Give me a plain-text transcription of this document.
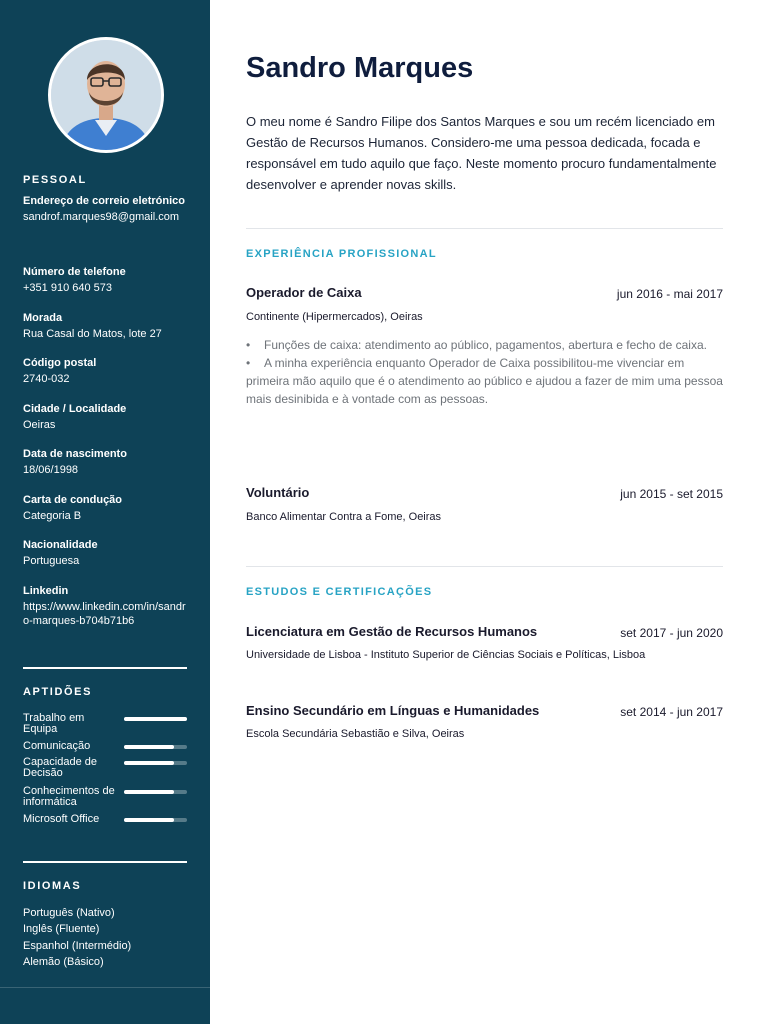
PESSOAL
Endereço de correio eletrónico
sandrof.marques98@gmail.com
Número de telefone
+351 910 640 573
Morada
Rua Casal do Matos, lote 27
Código postal
2740-032
Cidade / Localidade
Oeiras
Data de nascimento
18/06/1998
Carta de condução
Categoria B
Nacionalidade
Portuguesa
Linkedin
https://www.linkedin.com/in/sandro-marques-b704b71b6
APTIDÕES
Trabalho em Equipa
Comunicação
Capacidade de Decisão
Conhecimentos de informática
Microsoft Office
IDIOMAS
Português (Nativo)
Inglês (Fluente)
Espanhol (Intermédio)
Alemão (Básico)
Sandro Marques

O meu nome é Sandro Filipe dos Santos Marques e sou um recém licenciado em Gestão de Recursos Humanos. Considero-me uma pessoa dedicada, focada e responsável em tudo aquilo que faço. Neste momento procuro fundamentalmente desenvolver e aprender novas skills.

EXPERIÊNCIA PROFISSIONAL
Operador de Caixa	jun 2016 - mai 2017
Continente (Hipermercados), Oeiras
• Funções de caixa: atendimento ao público, pagamentos, abertura e fecho de caixa.
• A minha experiência enquanto Operador de Caixa possibilitou-me vivenciar em primeira mão aquilo que é o atendimento ao público e ajudou a fazer de mim uma pessoa mais desinibida e à vontade com as pessoas.
Voluntário	jun 2015 - set 2015
Banco Alimentar Contra a Fome, Oeiras
ESTUDOS E CERTIFICAÇÕES
Licenciatura em Gestão de Recursos Humanos	set 2017 - jun 2020
Universidade de Lisboa - Instituto Superior de Ciências Sociais e Políticas, Lisboa
Ensino Secundário em Línguas e Humanidades	set 2014 - jun 2017
Escola Secundária Sebastião e Silva, Oeiras
